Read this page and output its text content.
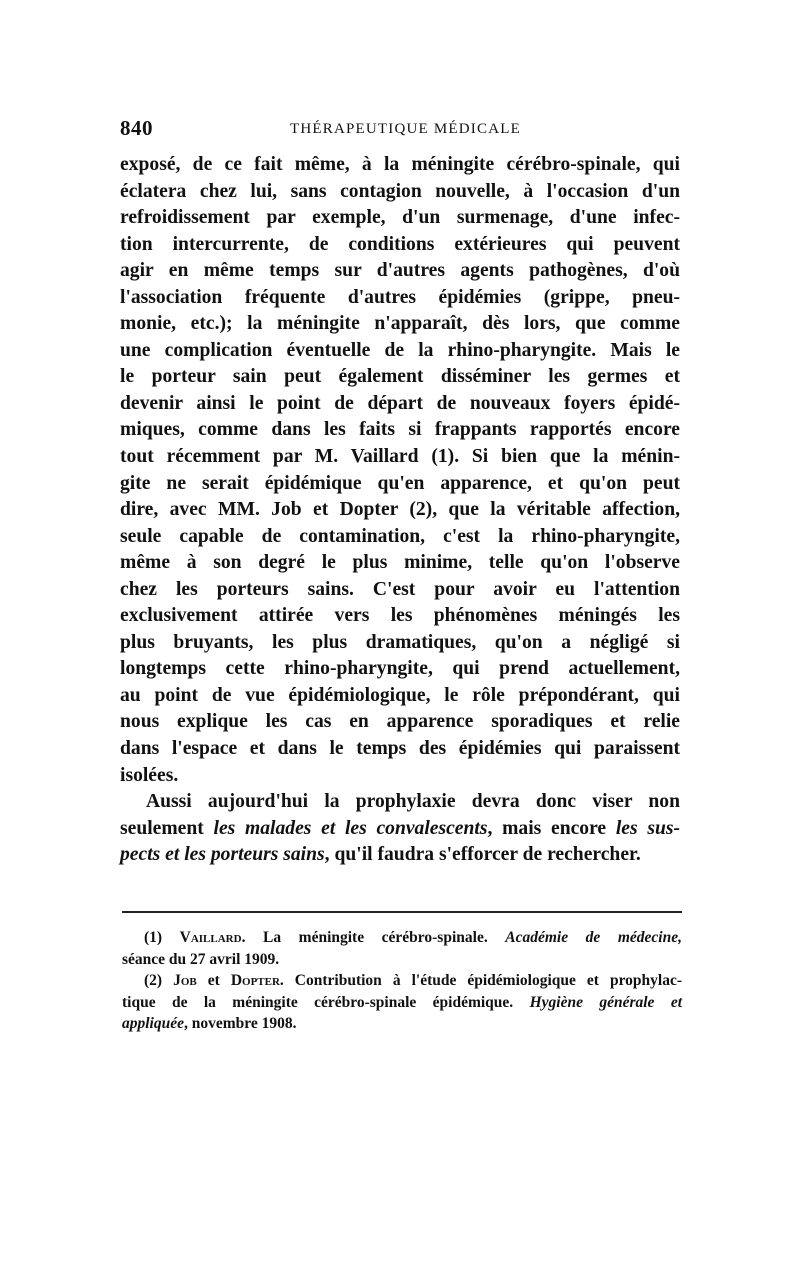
840	THÉRAPEUTIQUE MÉDICALE
exposé, de ce fait même, à la méningite cérébro-spinale, qui
éclatera chez lui, sans contagion nouvelle, à l'occasion d'un
refroidissement par exemple, d'un surmenage, d'une infec-
tion intercurrente, de conditions extérieures qui peuvent
agir en même temps sur d'autres agents pathogènes, d'où
l'association fréquente d'autres épidémies (grippe, pneu-
monie, etc.); la méningite n'apparaît, dès lors, que comme
une complication éventuelle de la rhino-pharyngite. Mais le
le porteur sain peut également disséminer les germes et
devenir ainsi le point de départ de nouveaux foyers épidé-
miques, comme dans les faits si frappants rapportés encore
tout récemment par M. Vaillard (1). Si bien que la ménin-
gite ne serait épidémique qu'en apparence, et qu'on peut
dire, avec MM. Job et Dopter (2), que la véritable affection,
seule capable de contamination, c'est la rhino-pharyngite,
même à son degré le plus minime, telle qu'on l'observe
chez les porteurs sains. C'est pour avoir eu l'attention
exclusivement attirée vers les phénomènes méningés les
plus bruyants, les plus dramatiques, qu'on a négligé si
longtemps cette rhino-pharyngite, qui prend actuellement,
au point de vue épidémiologique, le rôle prépondérant, qui
nous explique les cas en apparence sporadiques et relie
dans l'espace et dans le temps des épidémies qui paraissent
isolées.
Aussi aujourd'hui la prophylaxie devra donc viser non
seulement les malades et les convalescents, mais encore les sus-
pects et les porteurs sains, qu'il faudra s'efforcer de rechercher.
(1) Vaillard. La méningite cérébro-spinale. Académie de médecine,
séance du 27 avril 1909.
(2) Job et Dopter. Contribution à l'étude épidémiologique et prophylac-
tique de la méningite cérébro-spinale épidémique. Hygiène générale et
appliquée, novembre 1908.
